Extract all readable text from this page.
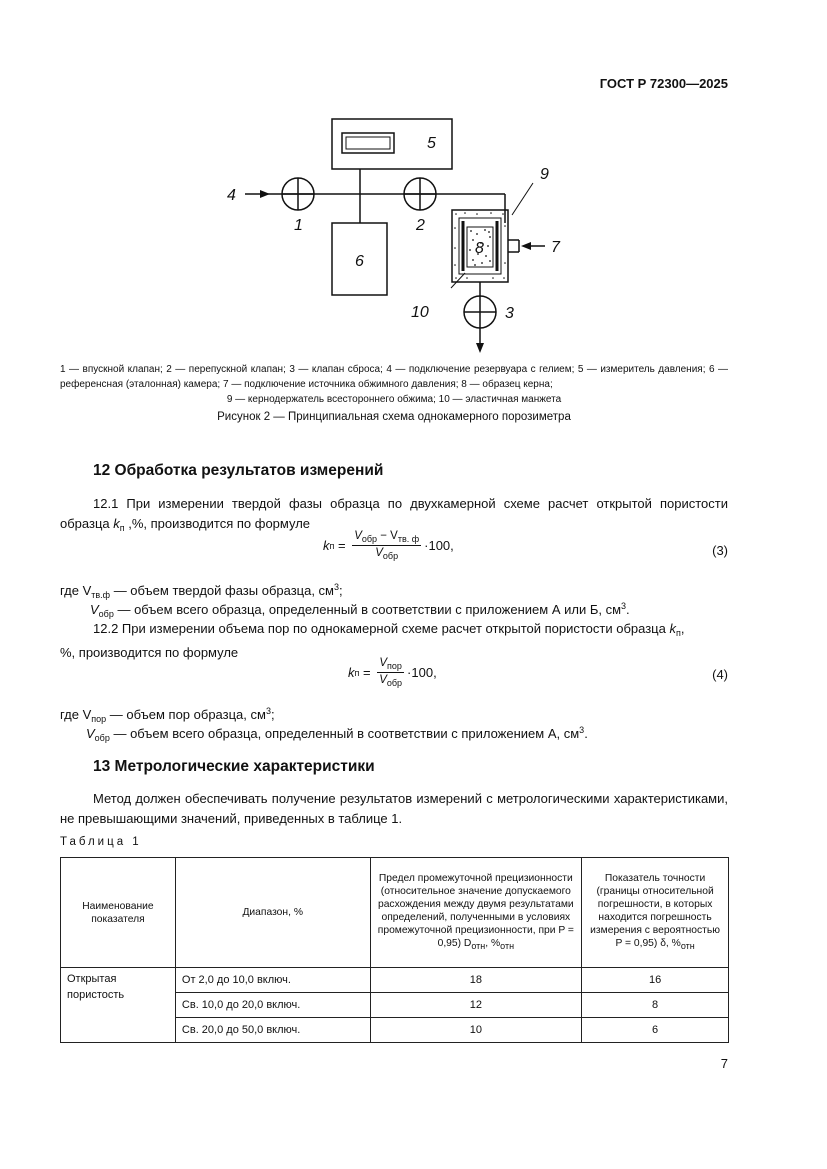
ГОСТ Р 72300—2025
5
6
4
1	2
8
9
7
10	3
1 — впускной клапан; 2 — перепускной клапан; 3 — клапан сброса; 4 — подключение резервуара с гелием; 5 — измеритель давления; 6 — референсная (эталонная) камера; 7 — подключение источника обжимного давления; 8 — образец керна;
9 — кернодержатель всестороннего обжима; 10 — эластичная манжета
Рисунок 2 — Принципиальная схема однокамерного порозиметра
12 Обработка результатов измерений
12.1 При измерении твердой фазы образца по двухкамерной схеме расчет открытой пористости образца $k_п$ ,%, производится по формуле
k $п = \frac{V_{обр} - V_{тв. ф}}{V_{обр}} \cdot 100$,	(3)
где $V_{тв.ф}$ — объем твердой фазы образца, $см^3$;
$V_{обр}$ — объем всего образца, определенный в соответствии с приложением А или Б, $см^3$.
12.2 При измерении объема пор по однокамерной схеме расчет открытой пористости образца $k_п$,
%, производится по формуле
k $п = \frac{V_{пор}}{V_{обр}} \cdot 100$,	(4)
где $V_{пор}$ — объем пор образца, $см^3$;
$V_{обр}$ — объем всего образца, определенный в соответствии с приложением А, $см^3$.
13 Метрологические характеристики
Метод должен обеспечивать получение результатов измерений с метрологическими характеристиками, не превышающими значений, приведенных в таблице 1.
Таблица 1
Наименование показателя	Диапазон, %	Предел промежуточной прецизионности (относительное значение допускаемого расхождения между двумя результатами определений, полученными в условиях промежуточной прецизионности, при P = 0,95) $D_{отн}$, $\%_{отн}$	Показатель точности (границы относительной погрешности, в которых находится погрешность измерения с вероятностью P = 0,95) δ, $\%_{отн}$
Открытая пористость	От 2,0 до 10,0 включ.	18	16
	Св. 10,0 до 20,0 включ.	12	8
	Св. 20,0 до 50,0 включ.	10	6
7
